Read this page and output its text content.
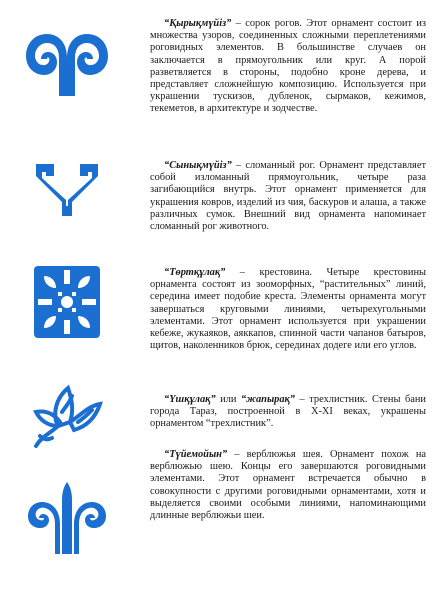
“Қырықмүйіз” – сорок рогов. Этот орнамент состоит из множества узоров, соединенных сложными переплетениями роговидных элементов. В большинстве случаев он заключается в прямоугольник или круг. А порой разветвляется в стороны, подобно кроне дерева, и представляет сложнейшую композицию. Используется при украшении тускизов, дубленок, сырмаков, кежимов, текеметов, в архитектуре и зодчестве.

“Сынықмүйіз” – сломанный рог. Орнамент представляет собой изломанный прямоугольник, четыре раза загибающийся внутрь. Этот орнамент применяется для украшения ковров, изделий из чия, баскуров и алаша, а также различных сумок. Внешний вид орнамента напоминает сломанный рог животного.

“Төртқұлақ” – крестовина. Четыре крестовины орнамента состоят из зооморфных, “растительных” линий, середина имеет подобие креста. Элементы орнамента могут завершаться круговыми линиями, четырехугольными элементами. Этот орнамент используется при украшении кебеже, жукаяков, аяккапов, спинной части чапанов батыров, щитов, наколенников брюк, серединах додеге или его углов.

“Үшқұлақ” или “жапырақ” – трехлистник. Стены бани города Тараз, построенной в X-XI веках, украшены орнаментом “трехлистник”.

“Түйемойын” – верблюжья шея. Орнамент похож на верблюжью шею. Концы его завершаются роговидными элементами. Этот орнамент встречается обычно в совокупности с другими роговидными орнаментами, хотя и выделяется своими особыми линиями, напоминающими длинные верблюжьи шеи.
